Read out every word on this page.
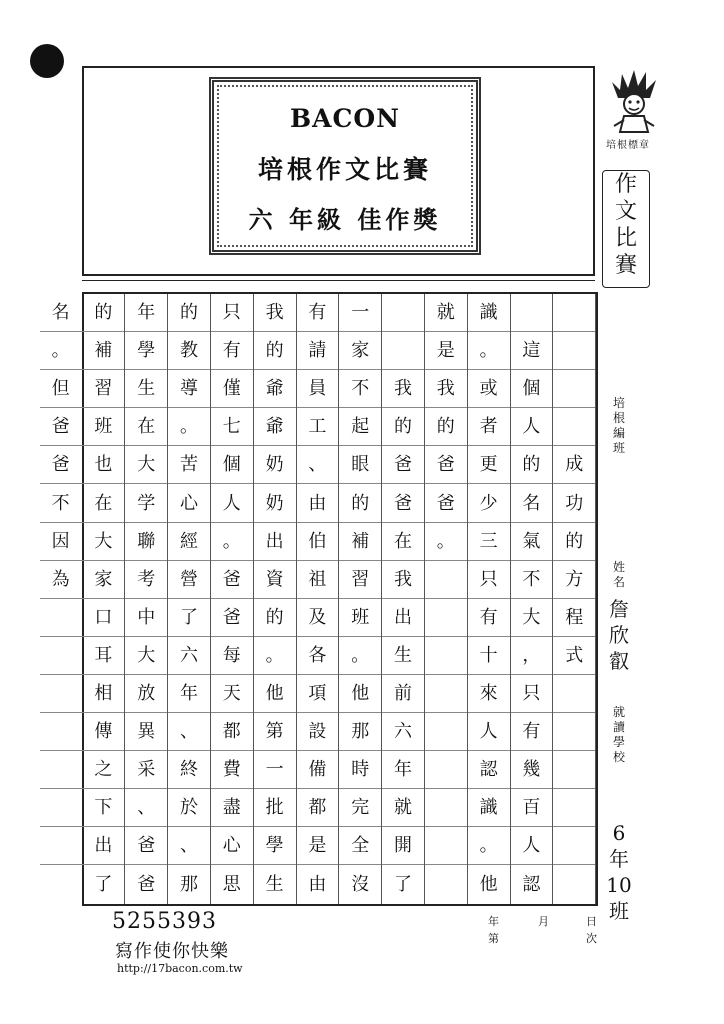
BACON
培根作文比賽
六 年級 佳作獎
培根標章
作
文
比
賽
成
功
的
方
程
式
這
個
人
的
名
氣
不
大
，
只
有
幾
百
人
認
識
。
或
者
更
少
三
只
有
十
來
人
認
識
。
他
就
是
我
的
爸
爸
。
我
的
爸
爸
在
我
出
生
前
六
年
就
開
了
一
家
不
起
眼
的
補
習
班
。
他
那
時
完
全
沒
有
請
員
工
、
由
伯
祖
及
各
項
設
備
都
是
由
我
的
爺
爺
奶
奶
出
資
的
。
他
第
一
批
學
生
只
有
僅
七
個
人
。
爸
爸
每
天
都
費
盡
心
思
的
教
導
。
苦
心
經
營
了
六
年
、
終
於
、
那
年
學
生
在
大
学
聯
考
中
大
放
異
采
、
爸
爸
的
補
習
班
也
在
大
家
口
耳
相
傳
之
下
出
了
名
。
但
爸
爸
不
因
為
培根編班
姓名
詹欣叡
就讀學校
6年10班
5255393
寫作使你快樂
http://17bacon.com.tw
年	月	日
第	次
